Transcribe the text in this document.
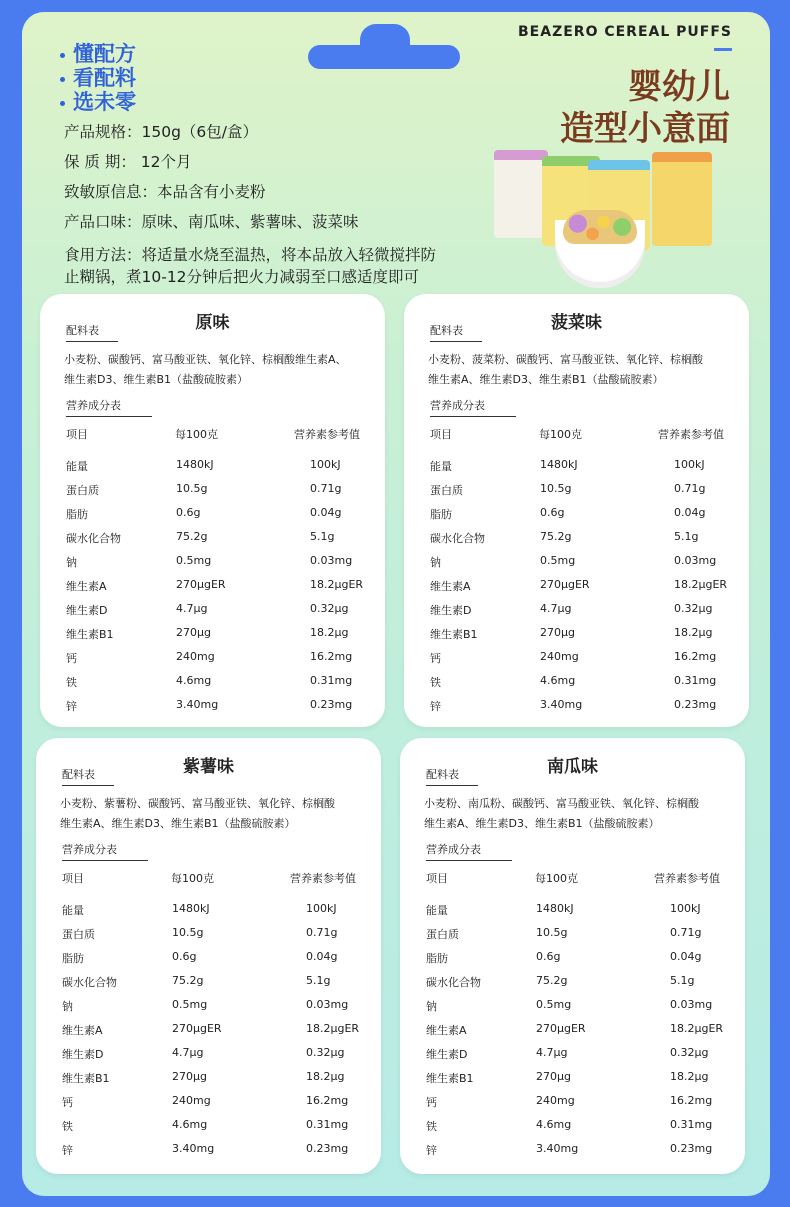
BEAZERO CEREAL PUFFS
懂配方
看配料
选未零	婴幼儿
造型小意面
产品规格：150g（6包/盒）
保 质 期： 12个月
致敏原信息：本品含有小麦粉
产品口味：原味、南瓜味、紫薯味、菠菜味
食用方法：将适量水烧至温热，将本品放入轻微搅拌防
止糊锅，煮10-12分钟后把火力减弱至口感适度即可
原味
配料表
小麦粉、碳酸钙、富马酸亚铁、氧化锌、棕榈酸维生素A、
维生素D3、维生素B1（盐酸硫胺素）
营养成分表
项目	每100克	营养素参考值
能量	1480kJ	100kJ
蛋白质	10.5g	0.71g
脂肪	0.6g	0.04g
碳水化合物	75.2g	5.1g
钠	0.5mg	0.03mg
维生素A	270μgER	18.2μgER
维生素D	4.7μg	0.32μg
维生素B1	270μg	18.2μg
钙	240mg	16.2mg
铁	4.6mg	0.31mg
锌	3.40mg	0.23mg
菠菜味
配料表
小麦粉、菠菜粉、碳酸钙、富马酸亚铁、氧化锌、棕榈酸
维生素A、维生素D3、维生素B1（盐酸硫胺素）
营养成分表
项目	每100克	营养素参考值
能量	1480kJ	100kJ
蛋白质	10.5g	0.71g
脂肪	0.6g	0.04g
碳水化合物	75.2g	5.1g
钠	0.5mg	0.03mg
维生素A	270μgER	18.2μgER
维生素D	4.7μg	0.32μg
维生素B1	270μg	18.2μg
钙	240mg	16.2mg
铁	4.6mg	0.31mg
锌	3.40mg	0.23mg
紫薯味
配料表
小麦粉、紫薯粉、碳酸钙、富马酸亚铁、氧化锌、棕榈酸
维生素A、维生素D3、维生素B1（盐酸硫胺素）
营养成分表
项目	每100克	营养素参考值
能量	1480kJ	100kJ
蛋白质	10.5g	0.71g
脂肪	0.6g	0.04g
碳水化合物	75.2g	5.1g
钠	0.5mg	0.03mg
维生素A	270μgER	18.2μgER
维生素D	4.7μg	0.32μg
维生素B1	270μg	18.2μg
钙	240mg	16.2mg
铁	4.6mg	0.31mg
锌	3.40mg	0.23mg
南瓜味
配料表
小麦粉、南瓜粉、碳酸钙、富马酸亚铁、氧化锌、棕榈酸
维生素A、维生素D3、维生素B1（盐酸硫胺素）
营养成分表
项目	每100克	营养素参考值
能量	1480kJ	100kJ
蛋白质	10.5g	0.71g
脂肪	0.6g	0.04g
碳水化合物	75.2g	5.1g
钠	0.5mg	0.03mg
维生素A	270μgER	18.2μgER
维生素D	4.7μg	0.32μg
维生素B1	270μg	18.2μg
钙	240mg	16.2mg
铁	4.6mg	0.31mg
锌	3.40mg	0.23mg
